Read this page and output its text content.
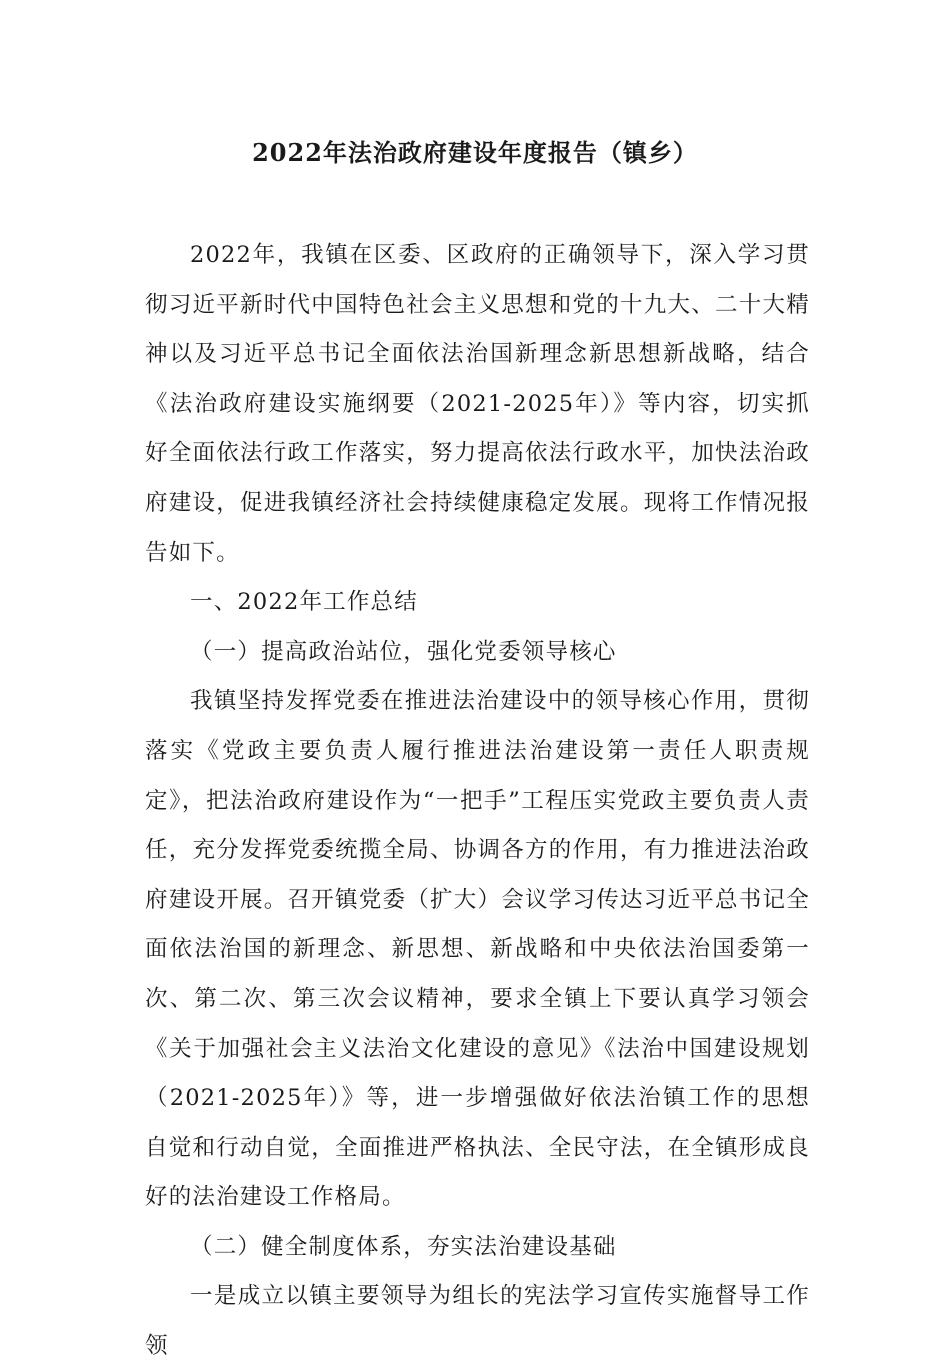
2022年法治政府建设年度报告（镇乡）

2022年，我镇在区委、区政府的正确领导下，深入学习贯彻习近平新时代中国特色社会主义思想和党的十九大、二十大精神以及习近平总书记全面依法治国新理念新思想新战略，结合《法治政府建设实施纲要（2021-2025年）》等内容，切实抓好全面依法行政工作落实，努力提高依法行政水平，加快法治政府建设，促进我镇经济社会持续健康稳定发展。现将工作情况报告如下。

一、2022年工作总结

（一）提高政治站位，强化党委领导核心

我镇坚持发挥党委在推进法治建设中的领导核心作用，贯彻落实《党政主要负责人履行推进法治建设第一责任人职责规定》，把法治政府建设作为“一把手”工程压实党政主要负责人责任，充分发挥党委统揽全局、协调各方的作用，有力推进法治政府建设开展。召开镇党委（扩大）会议学习传达习近平总书记全面依法治国的新理念、新思想、新战略和中央依法治国委第一次、第二次、第三次会议精神，要求全镇上下要认真学习领会《关于加强社会主义法治文化建设的意见》《法治中国建设规划（2021-2025年）》等，进一步增强做好依法治镇工作的思想自觉和行动自觉，全面推进严格执法、全民守法，在全镇形成良好的法治建设工作格局。

（二）健全制度体系，夯实法治建设基础

一是成立以镇主要领导为组长的宪法学习宣传实施督导工作领
